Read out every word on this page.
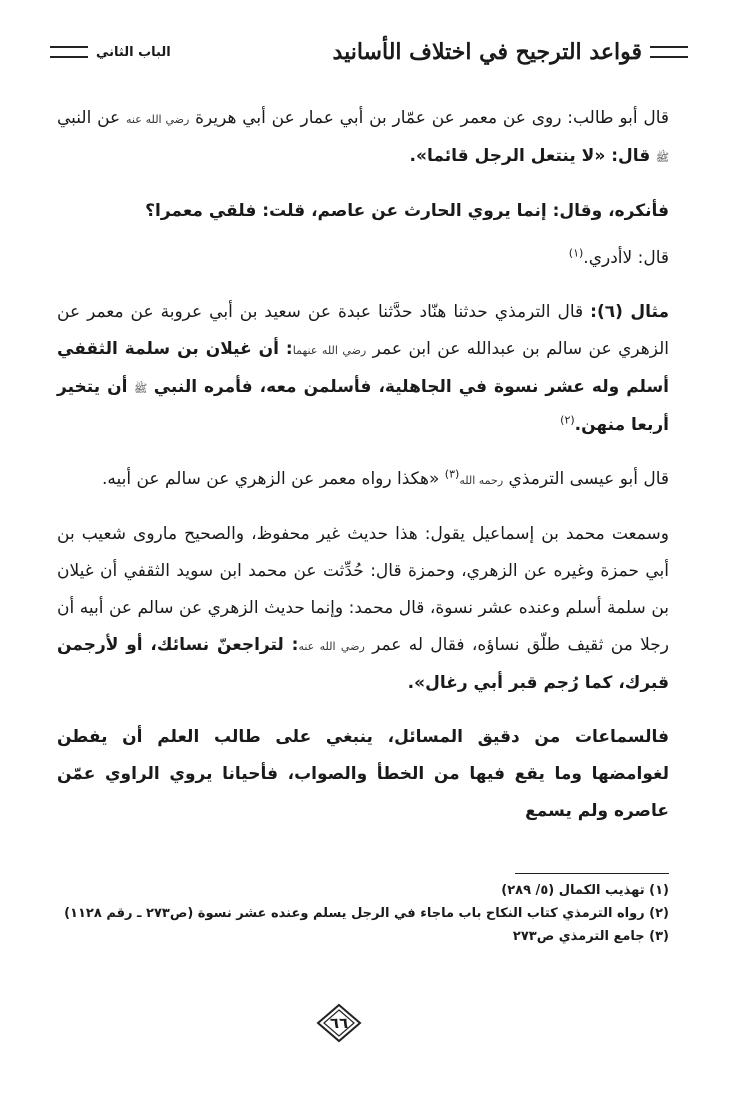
قواعد الترجيح في اختلاف الأسانيد
الباب الثاني

قال أبو طالب: روى عن معمر عن عمّار بن أبي عمار عن أبي هريرة رضي الله عنه عن النبي ﷺ قال: «لا ينتعل الرجل قائما».

فأنكره، وقال: إنما يروي الحارث عن عاصم، قلت: فلقي معمرا؟

قال: لاأدري.$^{(١)}$

مثال (٦): قال الترمذي حدثنا هنّاد حدَّثنا عبدة عن سعيد بن أبي عروبة عن معمر عن الزهري عن سالم بن عبدالله عن ابن عمر رضي الله عنهما: أن غيلان بن سلمة الثقفي أسلم وله عشر نسوة في الجاهلية، فأسلمن معه، فأمره النبي ﷺ أن يتخير أربعا منهن.$^{(٢)}$

قال أبو عيسى الترمذي رحمه الله$^{(٣)}$ «هكذا رواه معمر عن الزهري عن سالم عن أبيه.

وسمعت محمد بن إسماعيل يقول: هذا حديث غير محفوظ، والصحيح ماروى شعيب بن أبي حمزة وغيره عن الزهري، وحمزة قال: حُدِّثت عن محمد ابن سويد الثقفي أن غيلان بن سلمة أسلم وعنده عشر نسوة، قال محمد: وإنما حديث الزهري عن سالم عن أبيه أن رجلا من ثقيف طلّق نساؤه، فقال له عمر رضي الله عنه: لتراجعنّ نسائك، أو لأرجمن قبرك، كما رُجم قبر أبي رغال».

فالسماعات من دقيق المسائل، ينبغي على طالب العلم أن يفطن لغوامضها وما يقع فيها من الخطأ والصواب، فأحيانا يروي الراوي عمّن عاصره ولم يسمع

(١) تهذيب الكمال (٥/ ٢٨٩)
(٢) رواه الترمذي كتاب النكاح باب ماجاء في الرجل يسلم وعنده عشر نسوة (ص٢٧٣ ـ رقم ١١٢٨)
(٣) جامع الترمذي ص٢٧٣
٦٦
